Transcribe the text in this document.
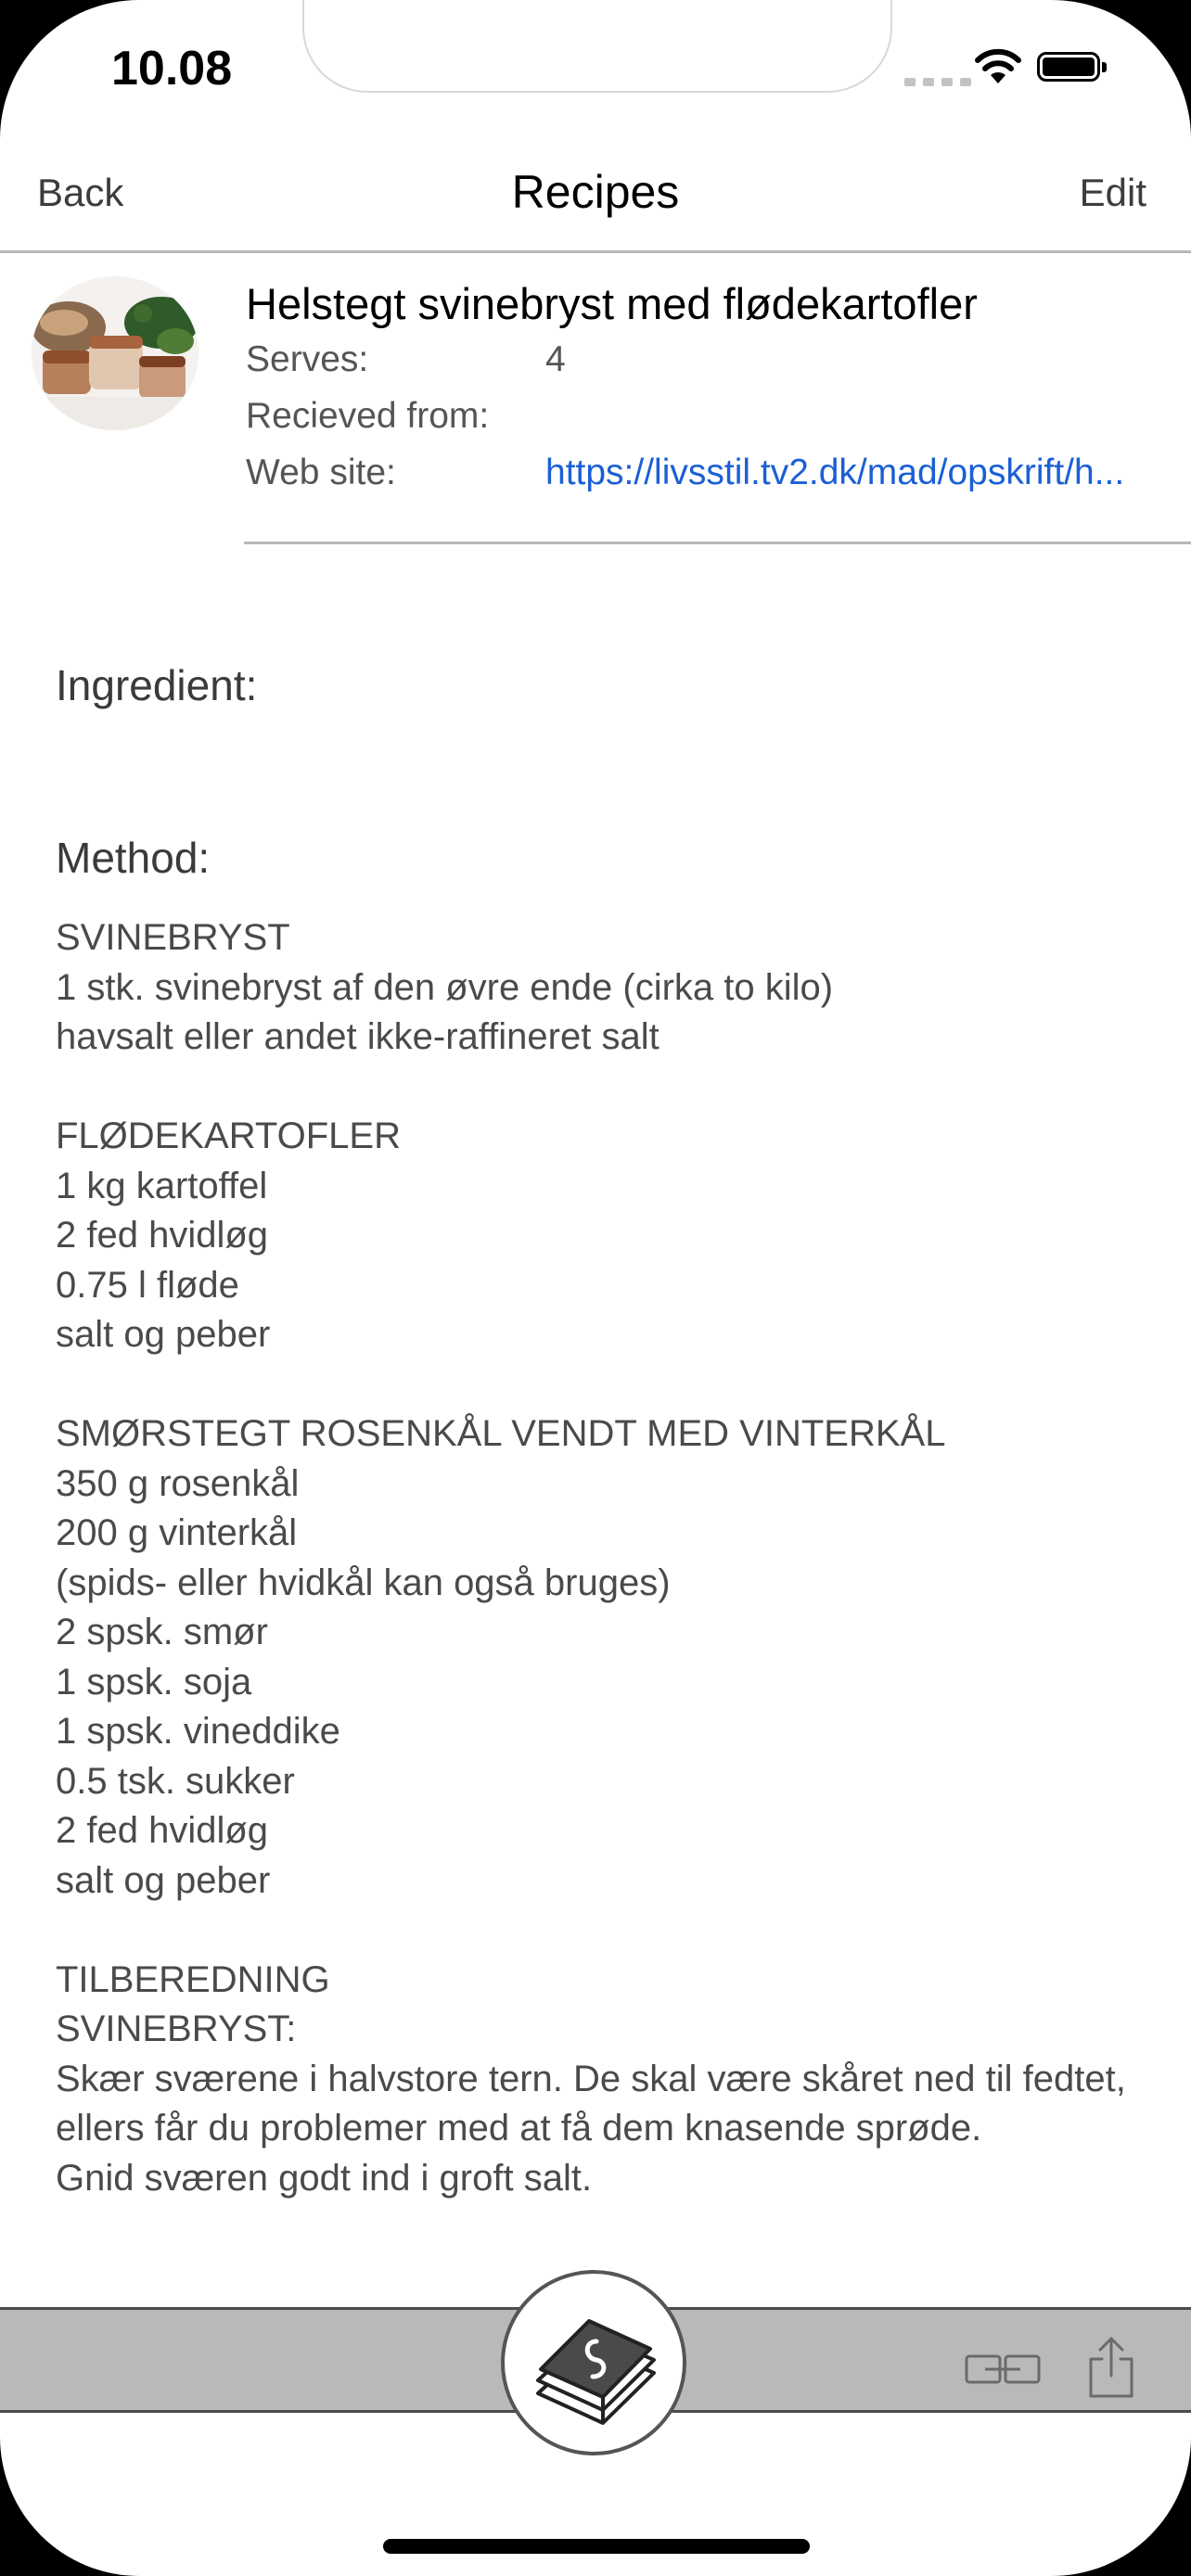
10.08
Back	Recipes	Edit
Helstegt svinebryst med flødekartofler
Serves:	4
Recieved from:
Web site:	https://livsstil.tv2.dk/mad/opskrift/h...
Ingredient:
Method:
SVINEBRYST
1 stk. svinebryst af den øvre ende (cirka to kilo)
havsalt eller andet ikke-raffineret salt

FLØDEKARTOFLER
1 kg kartoffel
2 fed hvidløg
0.75 l fløde
salt og peber

SMØRSTEGT ROSENKÅL VENDT MED VINTERKÅL
350 g rosenkål
200 g vinterkål
(spids- eller hvidkål kan også bruges)
2 spsk. smør
1 spsk. soja
1 spsk. vineddike
0.5 tsk. sukker
2 fed hvidløg
salt og peber

TILBEREDNING
SVINEBRYST:
Skær sværene i halvstore tern. De skal være skåret ned til fedtet, ellers får du problemer med at få dem knasende sprøde.
Gnid sværen godt ind i groft salt.
